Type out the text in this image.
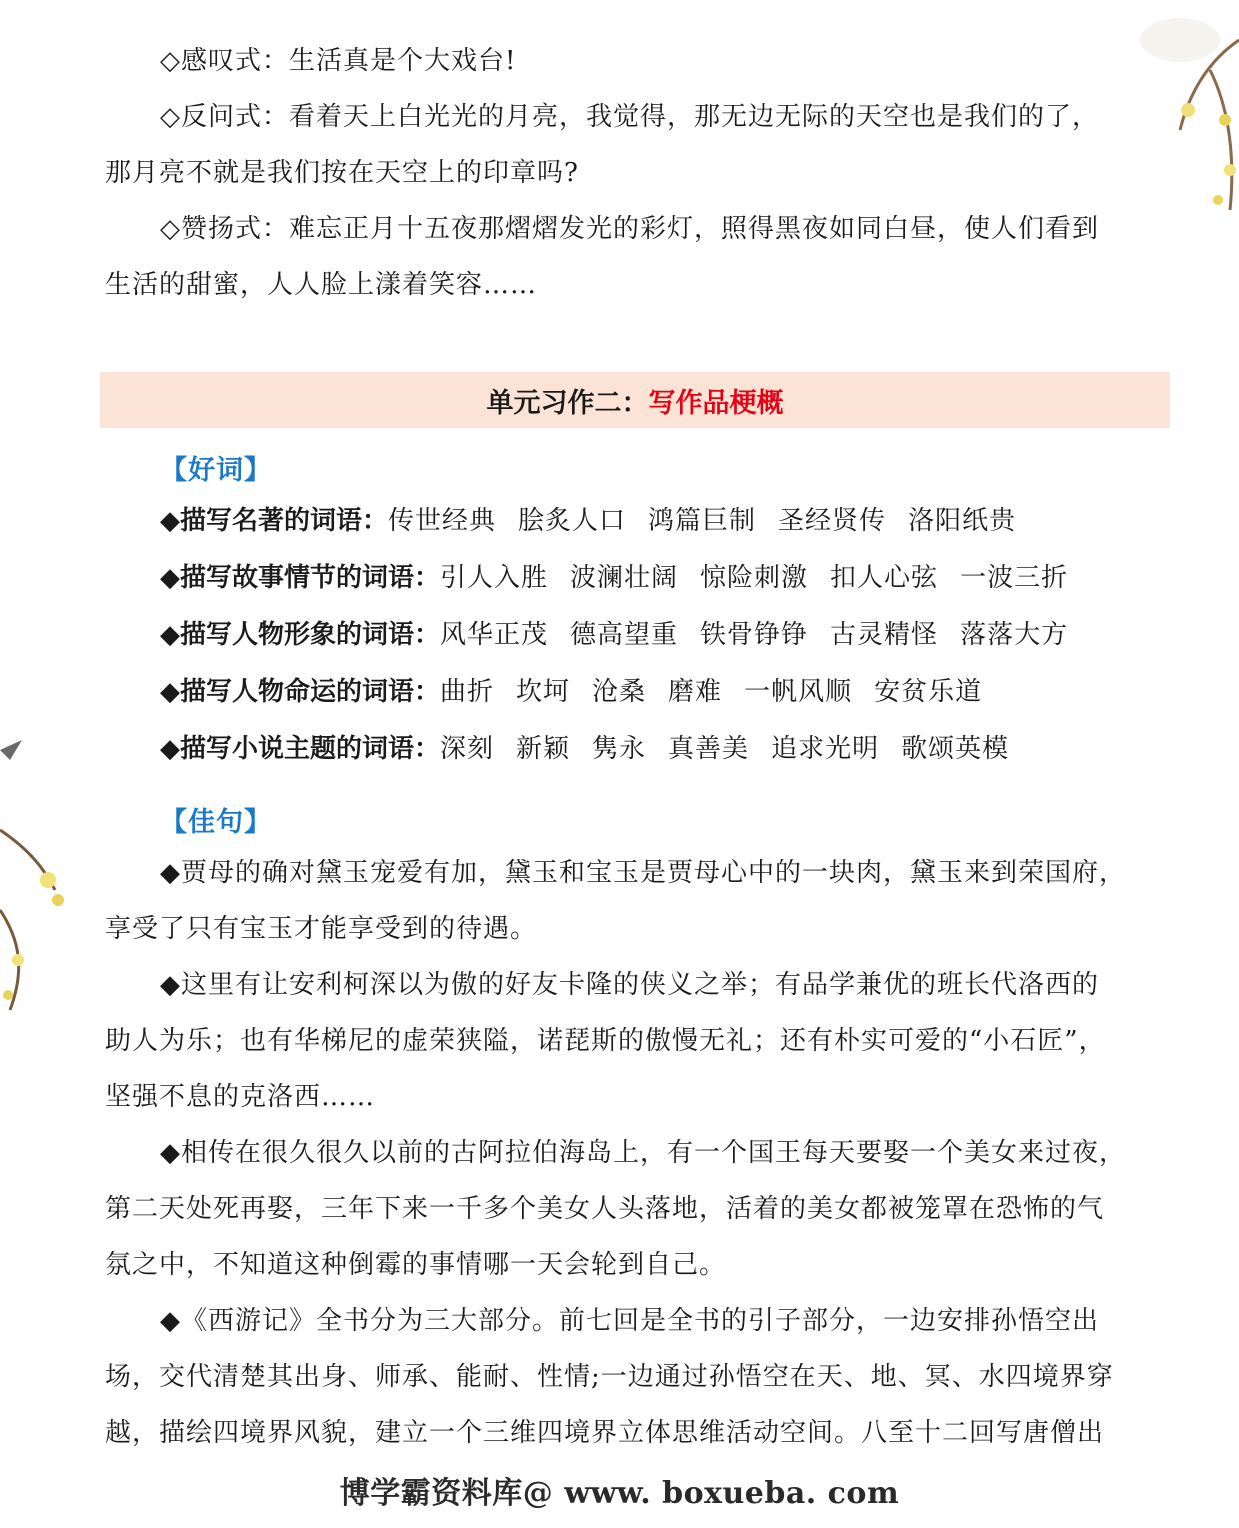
◇感叹式：生活真是个大戏台!
◇反问式：看着天上白光光的月亮，我觉得，那无边无际的天空也是我们的了，
那月亮不就是我们按在天空上的印章吗?
◇赞扬式：难忘正月十五夜那熠熠发光的彩灯，照得黑夜如同白昼，使人们看到
生活的甜蜜，人人脸上漾着笑容……
单元习作二： 写作品梗概
【好词】
◆描写名著的词语：传世经典 脍炙人口 鸿篇巨制 圣经贤传 洛阳纸贵
◆描写故事情节的词语：引人入胜 波澜壮阔 惊险刺激 扣人心弦 一波三折
◆描写人物形象的词语：风华正茂 德高望重 铁骨铮铮 古灵精怪 落落大方
◆描写人物命运的词语：曲折 坎坷 沧桑 磨难 一帆风顺 安贫乐道
◆描写小说主题的词语：深刻 新颖 隽永 真善美 追求光明 歌颂英模
【佳句】
◆贾母的确对黛玉宠爱有加，黛玉和宝玉是贾母心中的一块肉，黛玉来到荣国府，
享受了只有宝玉才能享受到的待遇。
◆这里有让安利柯深以为傲的好友卡隆的侠义之举；有品学兼优的班长代洛西的
助人为乐；也有华梯尼的虚荣狭隘，诺琵斯的傲慢无礼；还有朴实可爱的“小石匠”，
坚强不息的克洛西……
◆相传在很久很久以前的古阿拉伯海岛上，有一个国王每天要娶一个美女来过夜，
第二天处死再娶，三年下来一千多个美女人头落地，活着的美女都被笼罩在恐怖的气
氛之中，不知道这种倒霉的事情哪一天会轮到自己。
◆《西游记》全书分为三大部分。前七回是全书的引子部分，一边安排孙悟空出
场，交代清楚其出身、师承、能耐、性情;一边通过孙悟空在天、地、冥、水四境界穿
越，描绘四境界风貌，建立一个三维四境界立体思维活动空间。八至十二回写唐僧出
博学霸资料库@ www. boxueba. com
